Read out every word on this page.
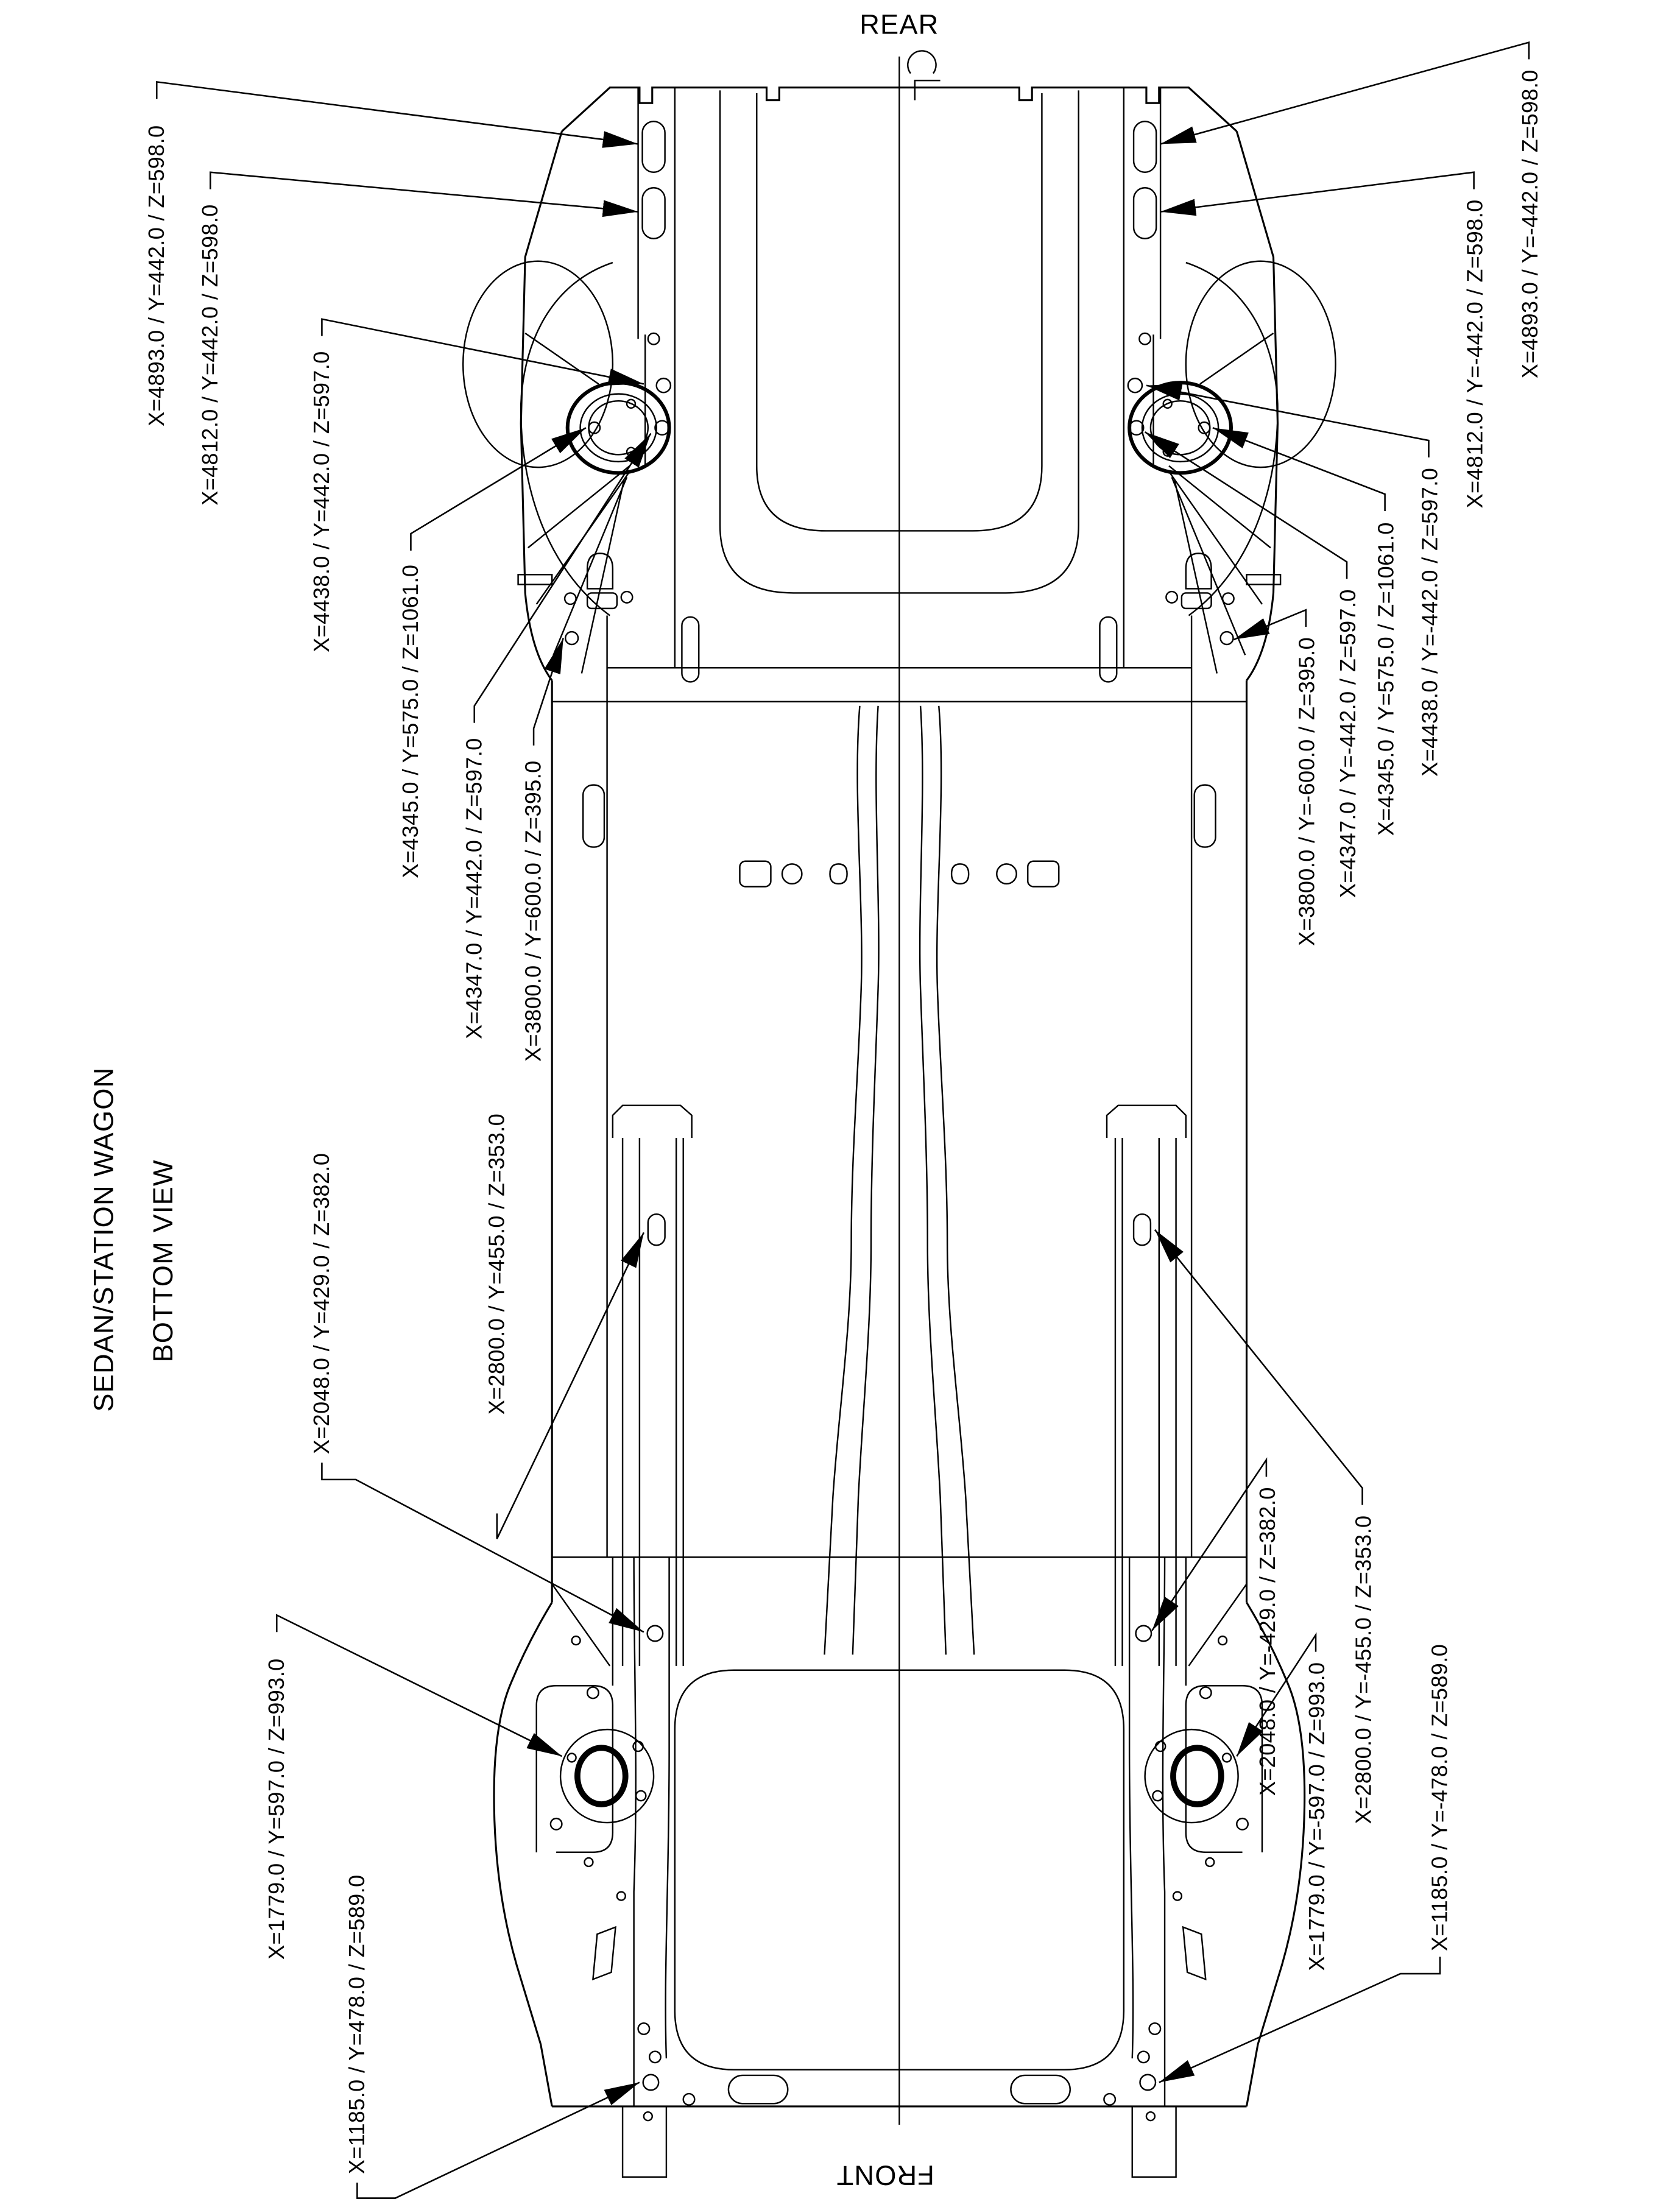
REAR
FRONT
SEDAN/STATION WAGON BOTTOM VIEW
X=4893.0 / Y=442.0 / Z=598.0	X=4812.0 / Y=442.0 / Z=598.0	X=4438.0 / Y=442.0 / Z=597.0
X=4345.0 / Y=575.0 / Z=1061.0
X=4347.0 / Y=442.0 / Z=597.0	X=3800.0 / Y=600.0 / Z=395.0
X=2800.0 / Y=455.0 / Z=353.0
X=2048.0 / Y=429.0 / Z=382.0
X=1779.0 / Y=597.0 / Z=993.0
X=1185.0 / Y=478.0 / Z=589.0
X=4893.0 / Y=-442.0 / Z=598.0
X=4812.0 / Y=-442.0 / Z=598.0
X=4438.0 / Y=-442.0 / Z=597.0
X=4345.0 / Y=575.0 / Z=1061.0
X=4347.0 / Y=-442.0 / Z=597.0
X=3800.0 / Y=-600.0 / Z=395.0
X=2800.0 / Y=-455.0 / Z=353.0
X=2048.0 / Y=-429.0 / Z=382.0
X=1779.0 / Y=-597.0 / Z=993.0	X=1185.0 / Y=-478.0 / Z=589.0
